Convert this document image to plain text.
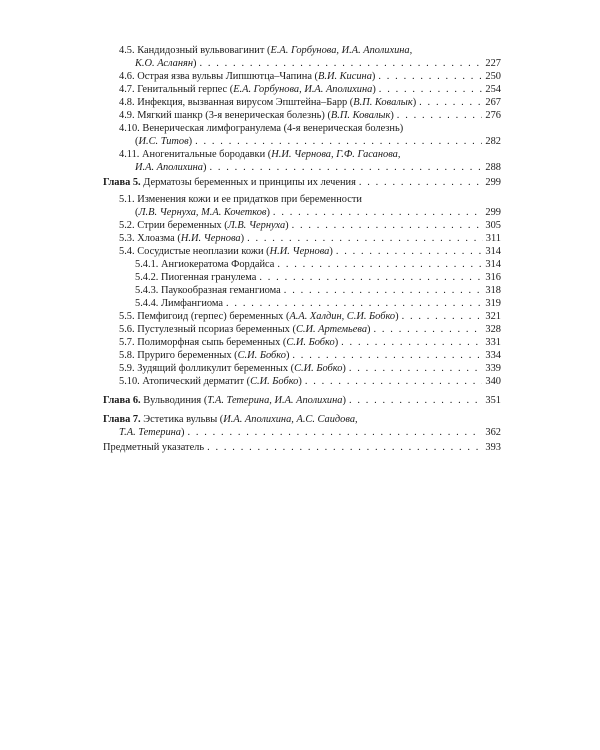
4.5. Кандидозный вульвовагинит (Е.А. Горбунова, И.А. Аполихина,
К.О. Асланян) . . .	227
4.6. Острая язва вульвы Липшютца–Чапина (В.И. Кисина) . . .	250
4.7. Генитальный герпес (Е.А. Горбунова, И.А. Аполихина) . . .	254
4.8. Инфекция, вызванная вирусом Эпштейна–Барр (В.П. Ковалык) . . .	267
4.9. Мягкий шанкр (3-я венерическая болезнь) (В.П. Ковалык) . . .	276
4.10. Венерическая лимфогранулема (4-я венерическая болезнь)
(И.С. Титов) . . .	282
4.11. Аногенитальные бородавки (Н.И. Чернова, Г.Ф. Гасанова,
И.А. Аполихина) . . .	288
Глава 5. Дерматозы беременных и принципы их лечения . . .	299
5.1. Изменения кожи и ее придатков при беременности
(Л.В. Чернуха, М.А. Кочетков) . . .	299
5.2. Стрии беременных (Л.В. Чернуха) . . .	305
5.3. Хлоазма (Н.И. Чернова) . . .	311
5.4. Сосудистые неоплазии кожи (Н.И. Чернова) . . .	314
5.4.1. Ангиокератома Фордайса . . .	314
5.4.2. Пиогенная гранулема . . .	316
5.4.3. Паукообразная гемангиома . . .	318
5.4.4. Лимфангиома . . .	319
5.5. Пемфигоид (герпес) беременных (А.А. Халдин, С.И. Бобко) . . .	321
5.6. Пустулезный псориаз беременных (С.И. Артемьева) . . .	328
5.7. Полиморфная сыпь беременных (С.И. Бобко) . . .	331
5.8. Пруриго беременных (С.И. Бобко) . . .	334
5.9. Зудящий фолликулит беременных (С.И. Бобко) . . .	339
5.10. Атопический дерматит (С.И. Бобко) . . .	340
Глава 6. Вульводиния (Т.А. Тетерина, И.А. Аполихина) . . .	351
Глава 7. Эстетика вульвы (И.А. Аполихина, А.С. Саидова,
Т.А. Тетерина) . . .	362
Предметный указатель . . .	393
